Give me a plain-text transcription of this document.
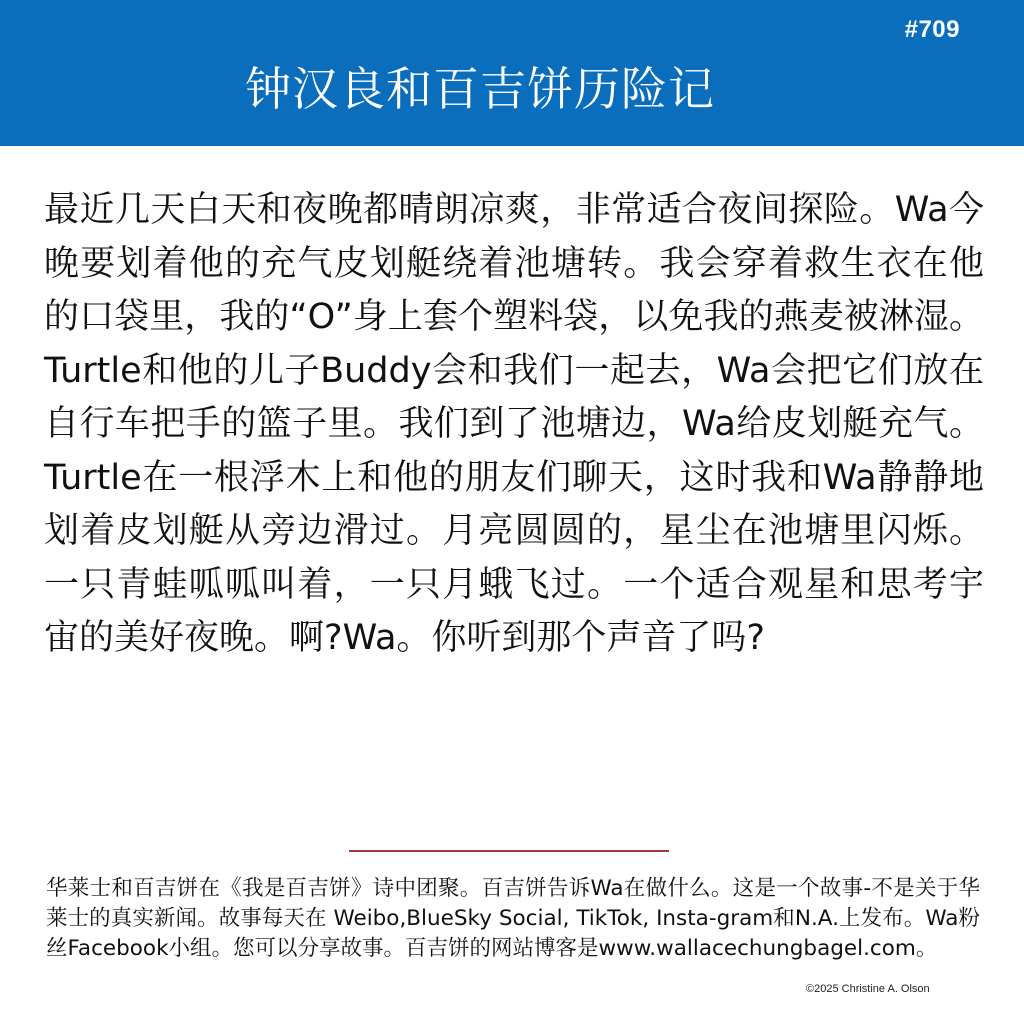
#709
钟汉良和百吉饼历险记

最近几天白天和夜晚都晴朗凉爽，非常适合夜间探险。Wa今晚要划着他的充气皮划艇绕着池塘转。我会穿着救生衣在他的口袋里，我的“O”身上套个塑料袋，以免我的燕麦被淋湿。Turtle和他的儿子Buddy会和我们一起去，Wa会把它们放在自行车把手的篮子里。我们到了池塘边，Wa给皮划艇充气。Turtle在一根浮木上和他的朋友们聊天，这时我和Wa静静地划着皮划艇从旁边滑过。月亮圆圆的，星尘在池塘里闪烁。一只青蛙呱呱叫着，一只月蛾飞过。一个适合观星和思考宇宙的美好夜晚。啊?Wa。你听到那个声音了吗?

华莱士和百吉饼在《我是百吉饼》诗中团聚。百吉饼告诉Wa在做什么。这是一个故事-不是关于华莱士的真实新闻。故事每天在 Weibo,BlueSky Social, TikTok, Insta-gram和N.A.上发布。Wa粉丝Facebook小组。您可以分享故事。百吉饼的网站博客是www.wallacechungbagel.com。

©2025 Christine A. Olson
